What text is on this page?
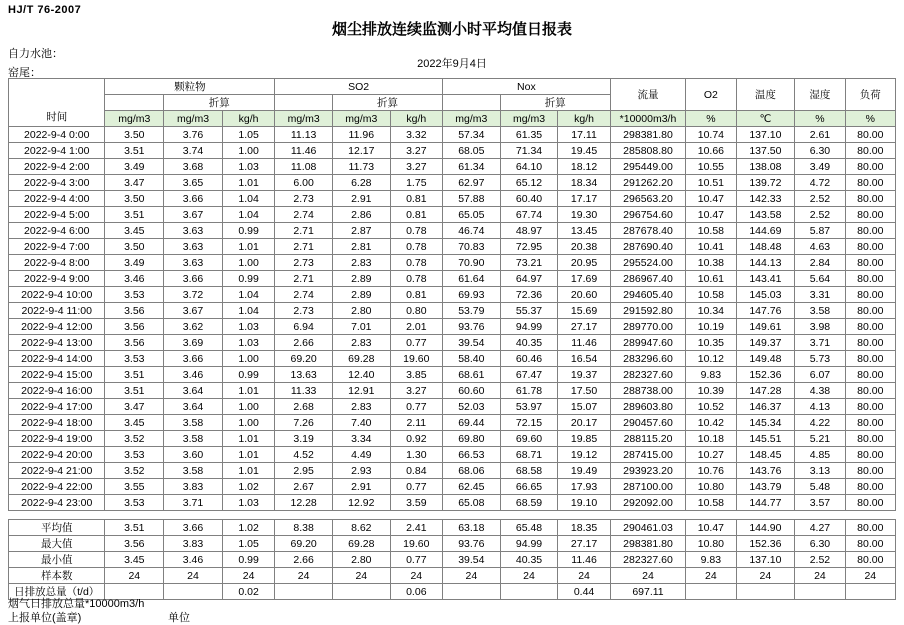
HJ/T 76-2007
烟尘排放连续监测小时平均值日报表
自力水池：
2022年9月4日
窑尾：
时间	颗粒物			SO2			Nox			流量	O2	温度	湿度	负荷
		折算			折算			折算						
	mg/m3	mg/m3	kg/h	mg/m3	mg/m3	kg/h	mg/m3	mg/m3	kg/h	*10000m3/h	%	℃	%	%
2022-9-4 0:00	3.50	3.76	1.05	11.13	11.96	3.32	57.34	61.35	17.11	298381.80	10.74	137.10	2.61	80.00
2022-9-4 1:00	3.51	3.74	1.00	11.46	12.17	3.27	68.05	71.34	19.45	285808.80	10.66	137.50	6.30	80.00
2022-9-4 2:00	3.49	3.68	1.03	11.08	11.73	3.27	61.34	64.10	18.12	295449.00	10.55	138.08	3.49	80.00
2022-9-4 3:00	3.47	3.65	1.01	6.00	6.28	1.75	62.97	65.12	18.34	291262.20	10.51	139.72	4.72	80.00
2022-9-4 4:00	3.50	3.66	1.04	2.73	2.91	0.81	57.88	60.40	17.17	296563.20	10.47	142.33	2.52	80.00
2022-9-4 5:00	3.51	3.67	1.04	2.74	2.86	0.81	65.05	67.74	19.30	296754.60	10.47	143.58	2.52	80.00
2022-9-4 6:00	3.45	3.63	0.99	2.71	2.87	0.78	46.74	48.97	13.45	287678.40	10.58	144.69	5.87	80.00
2022-9-4 7:00	3.50	3.63	1.01	2.71	2.81	0.78	70.83	72.95	20.38	287690.40	10.41	148.48	4.63	80.00
2022-9-4 8:00	3.49	3.63	1.00	2.73	2.83	0.78	70.90	73.21	20.95	295524.00	10.38	144.13	2.84	80.00
2022-9-4 9:00	3.46	3.66	0.99	2.71	2.89	0.78	61.64	64.97	17.69	286967.40	10.61	143.41	5.64	80.00
2022-9-4 10:00	3.53	3.72	1.04	2.74	2.89	0.81	69.93	72.36	20.60	294605.40	10.58	145.03	3.31	80.00
2022-9-4 11:00	3.56	3.67	1.04	2.73	2.80	0.80	53.79	55.37	15.69	291592.80	10.34	147.76	3.58	80.00
2022-9-4 12:00	3.56	3.62	1.03	6.94	7.01	2.01	93.76	94.99	27.17	289770.00	10.19	149.61	3.98	80.00
2022-9-4 13:00	3.56	3.69	1.03	2.66	2.83	0.77	39.54	40.35	11.46	289947.60	10.35	149.37	3.71	80.00
2022-9-4 14:00	3.53	3.66	1.00	69.20	69.28	19.60	58.40	60.46	16.54	283296.60	10.12	149.48	5.73	80.00
2022-9-4 15:00	3.51	3.46	0.99	13.63	12.40	3.85	68.61	67.47	19.37	282327.60	9.83	152.36	6.07	80.00
2022-9-4 16:00	3.51	3.64	1.01	11.33	12.91	3.27	60.60	61.78	17.50	288738.00	10.39	147.28	4.38	80.00
2022-9-4 17:00	3.47	3.64	1.00	2.68	2.83	0.77	52.03	53.97	15.07	289603.80	10.52	146.37	4.13	80.00
2022-9-4 18:00	3.45	3.58	1.00	7.26	7.40	2.11	69.44	72.15	20.17	290457.60	10.42	145.34	4.22	80.00
2022-9-4 19:00	3.52	3.58	1.01	3.19	3.34	0.92	69.80	69.60	19.85	288115.20	10.18	145.51	5.21	80.00
2022-9-4 20:00	3.53	3.60	1.01	4.52	4.49	1.30	66.53	68.71	19.12	287415.00	10.27	148.45	4.85	80.00
2022-9-4 21:00	3.52	3.58	1.01	2.95	2.93	0.84	68.06	68.58	19.49	293923.20	10.76	143.76	3.13	80.00
2022-9-4 22:00	3.55	3.83	1.02	2.67	2.91	0.77	62.45	66.65	17.93	287100.00	10.80	143.79	5.48	80.00
2022-9-4 23:00	3.53	3.71	1.03	12.28	12.92	3.59	65.08	68.59	19.10	292092.00	10.58	144.77	3.57	80.00

平均值	3.51	3.66	1.02	8.38	8.62	2.41	63.18	65.48	18.35	290461.03	10.47	144.90	4.27	80.00
最大值	3.56	3.83	1.05	69.20	69.28	19.60	93.76	94.99	27.17	298381.80	10.80	152.36	6.30	80.00
最小值	3.45	3.46	0.99	2.66	2.80	0.77	39.54	40.35	11.46	282327.60	9.83	137.10	2.52	80.00
样本数	24	24	24	24	24	24	24	24	24	24	24	24	24	24
日排放总量（t/d）			0.02			0.06			0.44	697.11				
烟气日排放总量*10000m3/h
上报单位(盖章)	单位
